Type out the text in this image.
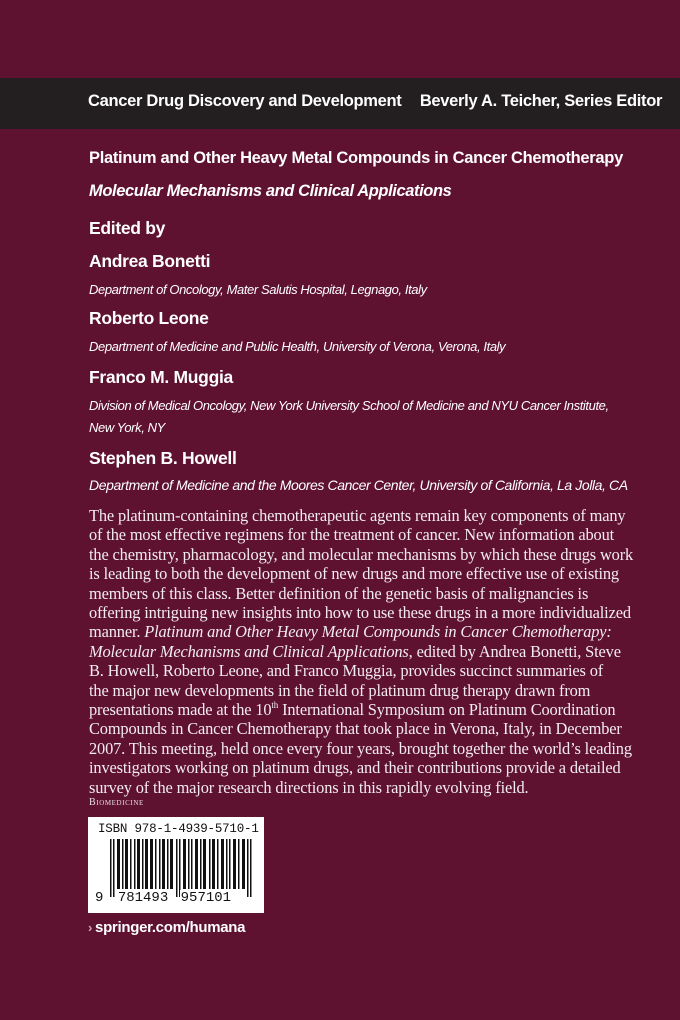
Cancer Drug Discovery and Development Beverly A. Teicher, Series Editor
Platinum and Other Heavy Metal Compounds in Cancer Chemotherapy
Molecular Mechanisms and Clinical Applications
Edited by
Andrea Bonetti
Department of Oncology, Mater Salutis Hospital, Legnago, Italy
Roberto Leone
Department of Medicine and Public Health, University of Verona, Verona, Italy
Franco M. Muggia
Division of Medical Oncology, New York University School of Medicine and NYU Cancer Institute,
New York, NY
Stephen B. Howell
Department of Medicine and the Moores Cancer Center, University of California, La Jolla, CA
The platinum-containing chemotherapeutic agents remain key components of many
of the most effective regimens for the treatment of cancer. New information about
the chemistry, pharmacology, and molecular mechanisms by which these drugs work
is leading to both the development of new drugs and more effective use of existing
members of this class. Better definition of the genetic basis of malignancies is
offering intriguing new insights into how to use these drugs in a more individualized
manner. Platinum and Other Heavy Metal Compounds in Cancer Chemotherapy:
Molecular Mechanisms and Clinical Applications, edited by Andrea Bonetti, Steve
B. Howell, Roberto Leone, and Franco Muggia, provides succinct summaries of
the major new developments in the field of platinum drug therapy drawn from
presentations made at the 10th International Symposium on Platinum Coordination
Compounds in Cancer Chemotherapy that took place in Verona, Italy, in December
2007. This meeting, held once every four years, brought together the world’s leading
investigators working on platinum drugs, and their contributions provide a detailed
survey of the major research directions in this rapidly evolving field.
Biomedicine
ISBN 978-1-4939-5710-1
9 781493 957101
› springer.com/humana
